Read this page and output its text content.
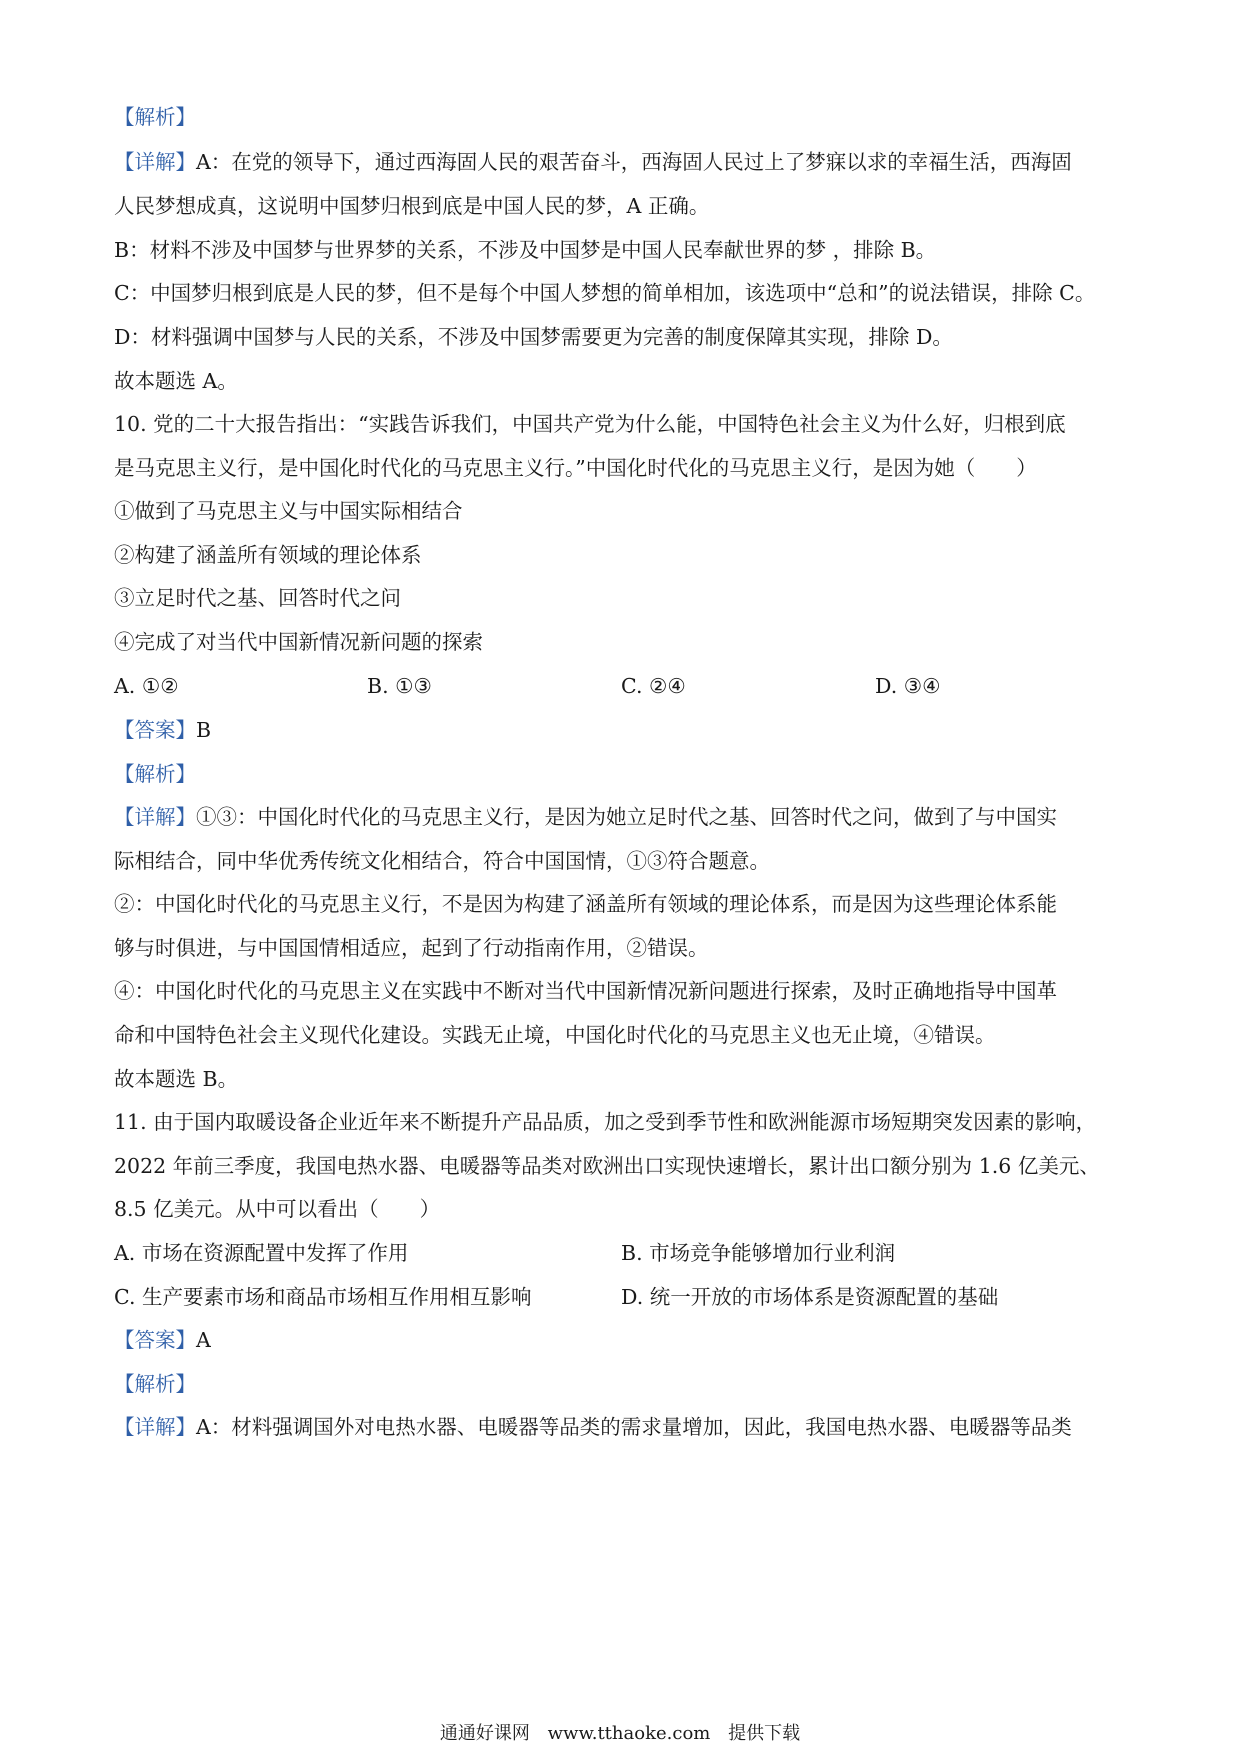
【解析】
【详解】A：在党的领导下，通过西海固人民的艰苦奋斗，西海固人民过上了梦寐以求的幸福生活，西海固
人民梦想成真，这说明中国梦归根到底是中国人民的梦，A 正确。
B：材料不涉及中国梦与世界梦的关系，不涉及中国梦是中国人民奉献世界的梦 ，排除 B。
C：中国梦归根到底是人民的梦，但不是每个中国人梦想的简单相加，该选项中“总和”的说法错误，排除 C。
D：材料强调中国梦与人民的关系，不涉及中国梦需要更为完善的制度保障其实现，排除 D。
故本题选 A。
10. 党的二十大报告指出：“实践告诉我们，中国共产党为什么能，中国特色社会主义为什么好，归根到底
是马克思主义行，是中国化时代化的马克思主义行。”中国化时代化的马克思主义行，是因为她（　　）
①做到了马克思主义与中国实际相结合
②构建了涵盖所有领域的理论体系
③立足时代之基、回答时代之问
④完成了对当代中国新情况新问题的探索
A. ①②	B. ①③	C. ②④	D. ③④
【答案】B
【解析】
【详解】①③：中国化时代化的马克思主义行，是因为她立足时代之基、回答时代之问，做到了与中国实
际相结合，同中华优秀传统文化相结合，符合中国国情，①③符合题意。
②：中国化时代化的马克思主义行，不是因为构建了涵盖所有领域的理论体系，而是因为这些理论体系能
够与时俱进，与中国国情相适应，起到了行动指南作用，②错误。
④：中国化时代化的马克思主义在实践中不断对当代中国新情况新问题进行探索，及时正确地指导中国革
命和中国特色社会主义现代化建设。实践无止境，中国化时代化的马克思主义也无止境，④错误。
故本题选 B。
11. 由于国内取暖设备企业近年来不断提升产品品质，加之受到季节性和欧洲能源市场短期突发因素的影响，
2022 年前三季度，我国电热水器、电暖器等品类对欧洲出口实现快速增长，累计出口额分别为 1.6 亿美元、
8.5 亿美元。从中可以看出（　　）
A. 市场在资源配置中发挥了作用	B. 市场竞争能够增加行业利润
C. 生产要素市场和商品市场相互作用相互影响	D. 统一开放的市场体系是资源配置的基础
【答案】A
【解析】
【详解】A：材料强调国外对电热水器、电暖器等品类的需求量增加，因此，我国电热水器、电暖器等品类
通通好课网 www.tthaoke.com 提供下载
